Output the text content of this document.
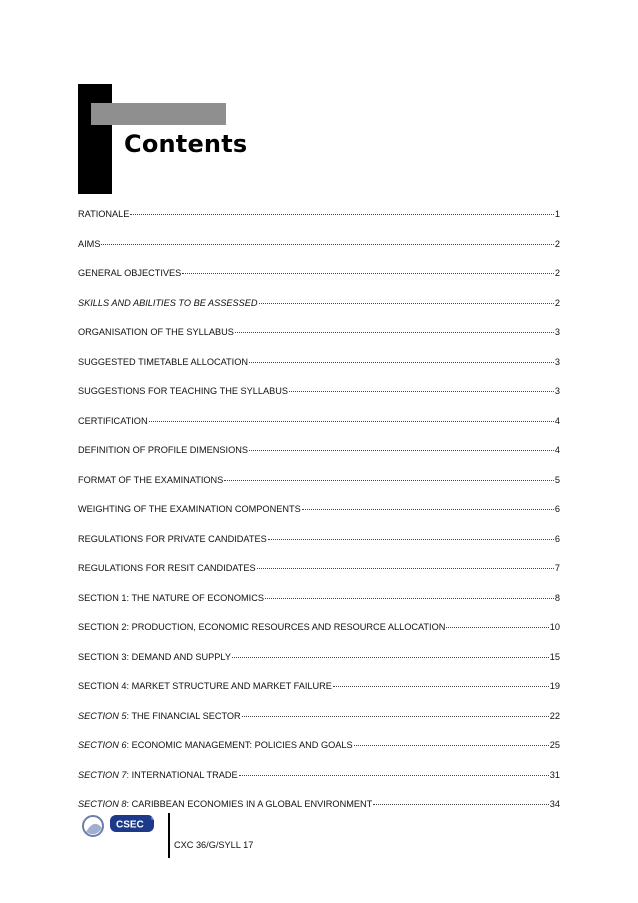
Contents
RATIONALE	1
AIMS	2
GENERAL OBJECTIVES	2
SKILLS AND ABILITIES TO BE ASSESSED	2
ORGANISATION OF THE SYLLABUS	3
SUGGESTED TIMETABLE ALLOCATION	3
SUGGESTIONS FOR TEACHING THE SYLLABUS	3
CERTIFICATION	4
DEFINITION OF PROFILE DIMENSIONS	4
FORMAT OF THE EXAMINATIONS	5
WEIGHTING OF THE EXAMINATION COMPONENTS	6
REGULATIONS FOR PRIVATE CANDIDATES	6
REGULATIONS FOR RESIT CANDIDATES	7
SECTION 1: THE NATURE OF ECONOMICS	8
SECTION 2: PRODUCTION, ECONOMIC RESOURCES AND RESOURCE ALLOCATION	10
SECTION 3: DEMAND AND SUPPLY	15
SECTION 4: MARKET STRUCTURE AND MARKET FAILURE	19
SECTION 5: THE FINANCIAL SECTOR	22
SECTION 6: ECONOMIC MANAGEMENT: POLICIES AND GOALS	25
SECTION 7: INTERNATIONAL TRADE	31
SECTION 8: CARIBBEAN ECONOMIES IN A GLOBAL ENVIRONMENT	34
CSEC
®
CXC 36/G/SYLL 17
